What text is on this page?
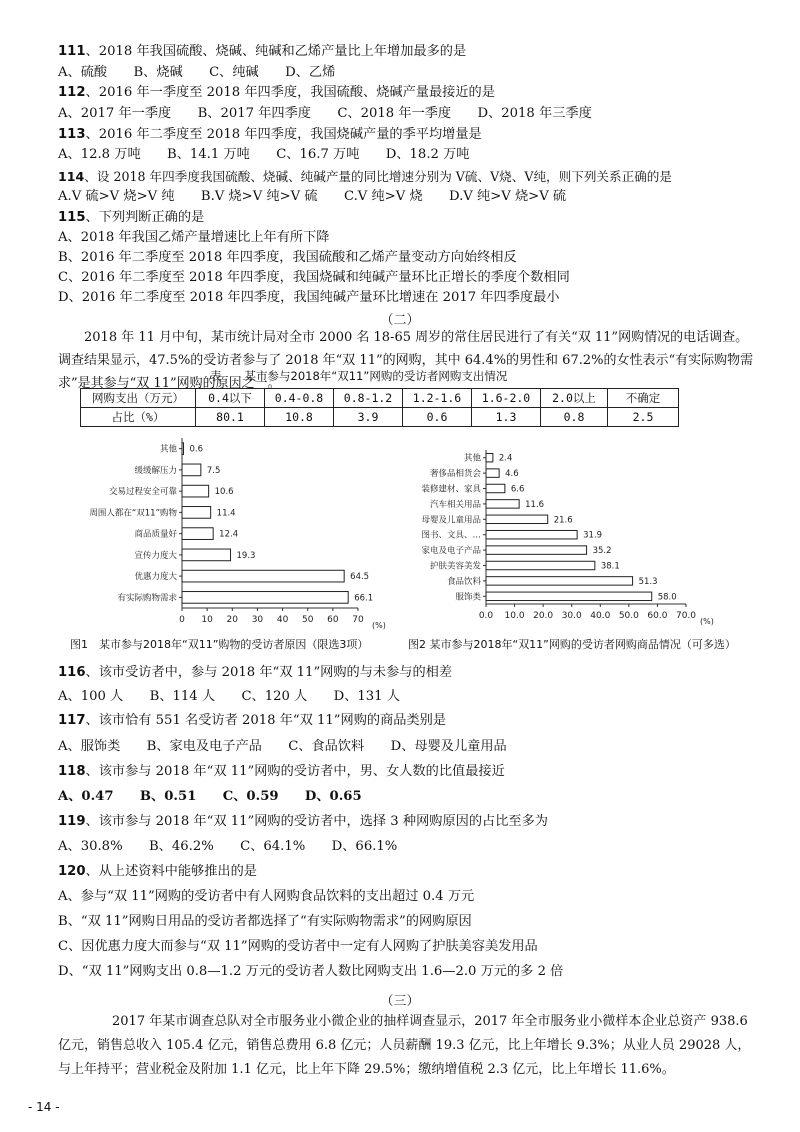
111、2018 年我国硫酸、烧碱、纯碱和乙烯产量比上年增加最多的是
A、硫酸　　B、烧碱　　C、纯碱　　D、乙烯
112、2016 年一季度至 2018 年四季度，我国硫酸、烧碱产量最接近的是
A、2017 年一季度　　B、2017 年四季度　　C、2018 年一季度　　D、2018 年三季度
113、2016 年二季度至 2018 年四季度，我国烧碱产量的季平均增量是
A、12.8 万吨　　B、14.1 万吨　　C、16.7 万吨　　D、18.2 万吨
114、设 2018 年四季度我国硫酸、烧碱、纯碱产量的同比增速分别为 V硫、V烧、V纯，则下列关系正确的是
A.V 硫>V 烧>V 纯　　B.V 烧>V 纯>V 硫　　C.V 纯>V 烧　　D.V 纯>V 烧>V 硫
115、下列判断正确的是
A、2018 年我国乙烯产量增速比上年有所下降
B、2016 年二季度至 2018 年四季度，我国硫酸和乙烯产量变动方向始终相反
C、2016 年二季度至 2018 年四季度，我国烧碱和纯碱产量环比正增长的季度个数相同
D、2016 年二季度至 2018 年四季度，我国纯碱产量环比增速在 2017 年四季度最小
（二）
2018 年 11 月中旬，某市统计局对全市 2000 名 18-65 周岁的常住居民进行了有关“双 11”网购情况的电话调查。调查结果显示，47.5%的受访者参与了 2018 年“双 11”的网购，其中 64.4%的男性和 67.2%的女性表示“有实际购物需求”是其参与“双 11”网购的原因之一。
表　　某市参与2018年“双11”网购的受访者网购支出情况
网购支出（万元）	0.4以下	0.4-0.8	0.8-1.2	1.2-1.6	1.6-2.0	2.0以上	不确定
占比（%）	80.1	10.8	3.9	0.6	1.3	0.8	2.5
0 10 20 30 40 50 60 70
(%)
其他 0.6
缓缓解压力	7.5
交易过程安全可靠	10.6
周围人都在“双11”购物	11.4
商品质量好	12.4
宣传力度大	19.3
优惠力度大	64.5
有实际购物需求	66.1
图1　某市参与2018年“双11”购物的受访者原因（限选3项）
0.0 10.0 20.0 30.0 40.0 50.0 60.0 70.0
(%)
其他 2.4
奢侈品相货会	4.6
装修建材、家具	6.6
汽车相关用品	11.6
母婴及儿童用品	21.6
图书、文具、…	31.9
家电及电子产品	35.2
护肤美容美发	38.1
食品饮料	51.3
服饰类	58.0
图2 某市参与2018年“双11”网购的受访者网购商品情况（可多选）
116、该市受访者中，参与 2018 年“双 11”网购的与未参与的相差
A、100 人　　B、114 人　　C、120 人　　D、131 人
117、该市恰有 551 名受访者 2018 年“双 11”网购的商品类别是
A、服饰类　　B、家电及电子产品　　C、食品饮料　　D、母婴及儿童用品
118、该市参与 2018 年“双 11”网购的受访者中，男、女人数的比值最接近
A、0.47　　B、0.51　　C、0.59　　D、0.65
119、该市参与 2018 年“双 11”网购的受访者中，选择 3 种网购原因的占比至多为
A、30.8%　　B、46.2%　　C、64.1%　　D、66.1%
120、从上述资料中能够推出的是
A、参与“双 11”网购的受访者中有人网购食品饮料的支出超过 0.4 万元
B、“双 11”网购日用品的受访者都选择了“有实际购物需求”的网购原因
C、因优惠力度大而参与“双 11”网购的受访者中一定有人网购了护肤美容美发用品
D、“双 11”网购支出 0.8—1.2 万元的受访者人数比网购支出 1.6—2.0 万元的多 2 倍
（三）
2017 年某市调查总队对全市服务业小微企业的抽样调查显示，2017 年全市服务业小微样本企业总资产 938.6 亿元，销售总收入 105.4 亿元，销售总费用 6.8 亿元；人员薪酬 19.3 亿元，比上年增长 9.3%；从业人员 29028 人，与上年持平；营业税金及附加 1.1 亿元，比上年下降 29.5%；缴纳增值税 2.3 亿元，比上年增长 11.6%。
- 14 -
